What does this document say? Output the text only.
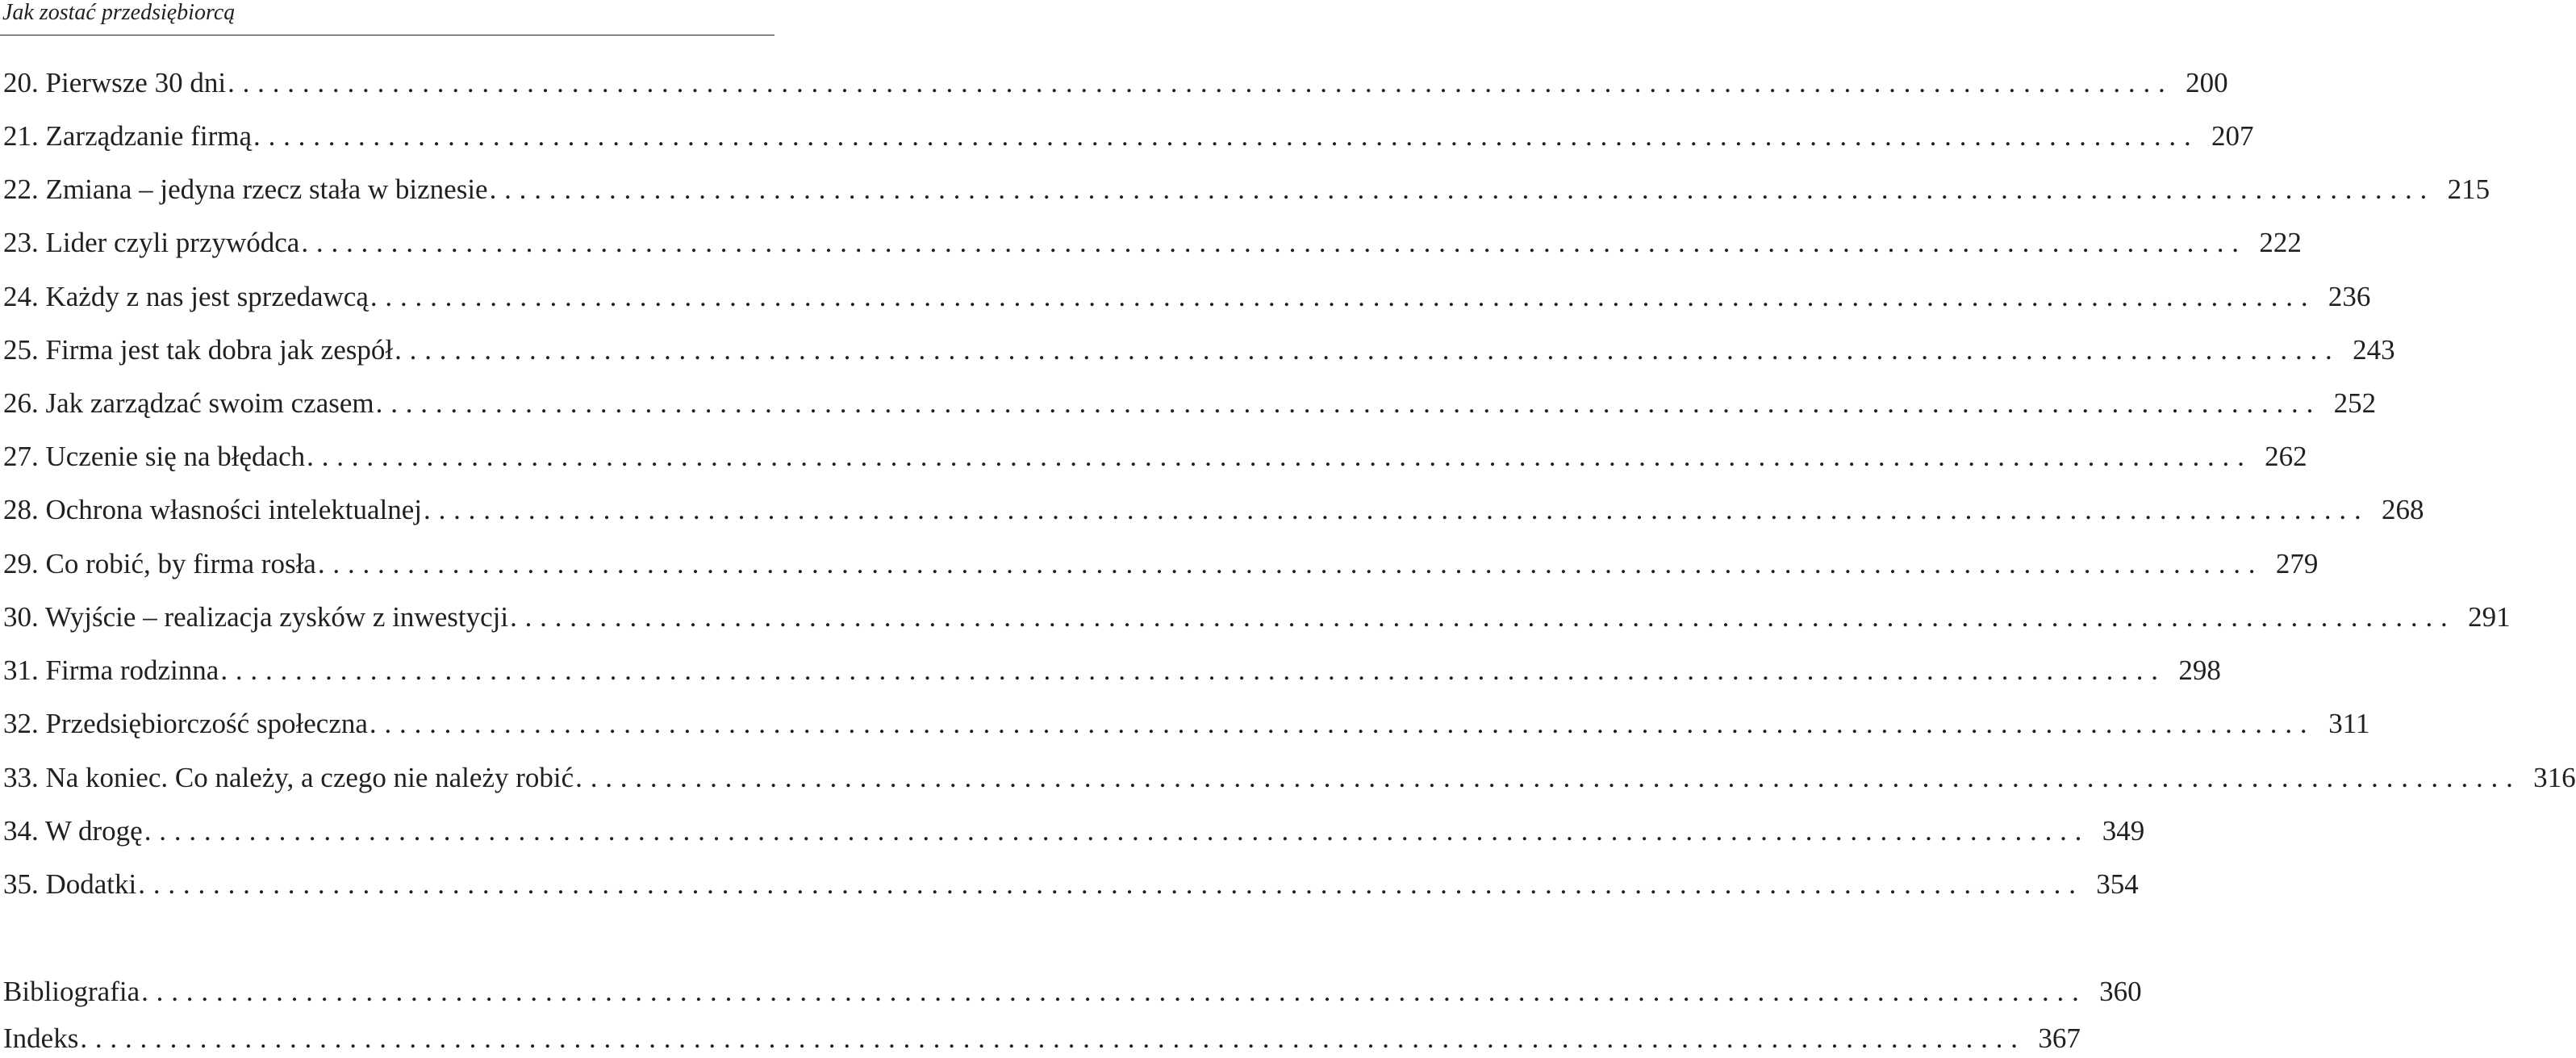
Jak zostać przedsiębiorcą
20. Pierwsze 30 dni .................................................................................................................................. 200
21. Zarządzanie firmą .................................................................................................................................. 207
22. Zmiana – jedyna rzecz stała w biznesie .................................................................................................................................. 215
23. Lider czyli przywódca .................................................................................................................................. 222
24. Każdy z nas jest sprzedawcą .................................................................................................................................. 236
25. Firma jest tak dobra jak zespół .................................................................................................................................. 243
26. Jak zarządzać swoim czasem .................................................................................................................................. 252
27. Uczenie się na błędach .................................................................................................................................. 262
28. Ochrona własności intelektualnej .................................................................................................................................. 268
29. Co robić, by firma rosła .................................................................................................................................. 279
30. Wyjście – realizacja zysków z inwestycji .................................................................................................................................. 291
31. Firma rodzinna .................................................................................................................................. 298
32. Przedsiębiorczość społeczna .................................................................................................................................. 311
33. Na koniec. Co należy, a czego nie należy robić .................................................................................................................................. 316
34. W drogę .................................................................................................................................. 349
35. Dodatki .................................................................................................................................. 354
Bibliografia .................................................................................................................................. 360
Indeks .................................................................................................................................. 367
